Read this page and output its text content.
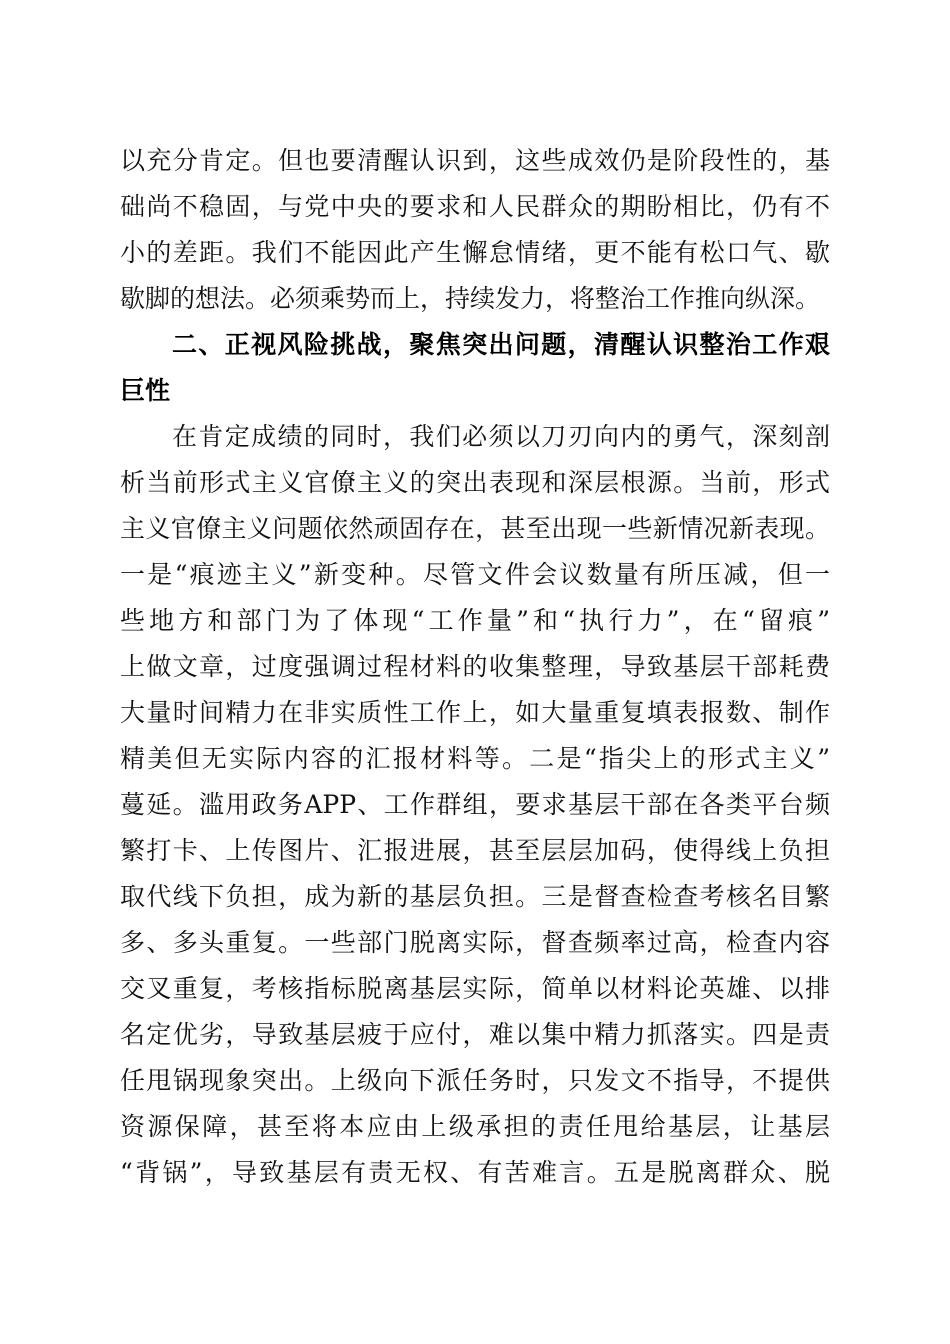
以充分肯定。但也要清醒认识到，这些成效仍是阶段性的，基
础尚不稳固，与党中央的要求和人民群众的期盼相比，仍有不
小的差距。我们不能因此产生懈怠情绪，更不能有松口气、歇
歇脚的想法。必须乘势而上，持续发力，将整治工作推向纵深。
二、正视风险挑战，聚焦突出问题，清醒认识整治工作艰
巨性
在肯定成绩的同时，我们必须以刀刃向内的勇气，深刻剖
析当前形式主义官僚主义的突出表现和深层根源。当前，形式
主义官僚主义问题依然顽固存在，甚至出现一些新情况新表现。
一是“痕迹主义”新变种。尽管文件会议数量有所压减，但一
些地方和部门为了体现“工作量”和“执行力”，在“留痕”
上做文章，过度强调过程材料的收集整理，导致基层干部耗费
大量时间精力在非实质性工作上，如大量重复填表报数、制作
精美但无实际内容的汇报材料等。二是“指尖上的形式主义”
蔓延。滥用政务APP、工作群组，要求基层干部在各类平台频
繁打卡、上传图片、汇报进展，甚至层层加码，使得线上负担
取代线下负担，成为新的基层负担。三是督查检查考核名目繁
多、多头重复。一些部门脱离实际，督查频率过高，检查内容
交叉重复，考核指标脱离基层实际，简单以材料论英雄、以排
名定优劣，导致基层疲于应付，难以集中精力抓落实。四是责
任甩锅现象突出。上级向下派任务时，只发文不指导，不提供
资源保障，甚至将本应由上级承担的责任甩给基层，让基层
“背锅”，导致基层有责无权、有苦难言。五是脱离群众、脱
